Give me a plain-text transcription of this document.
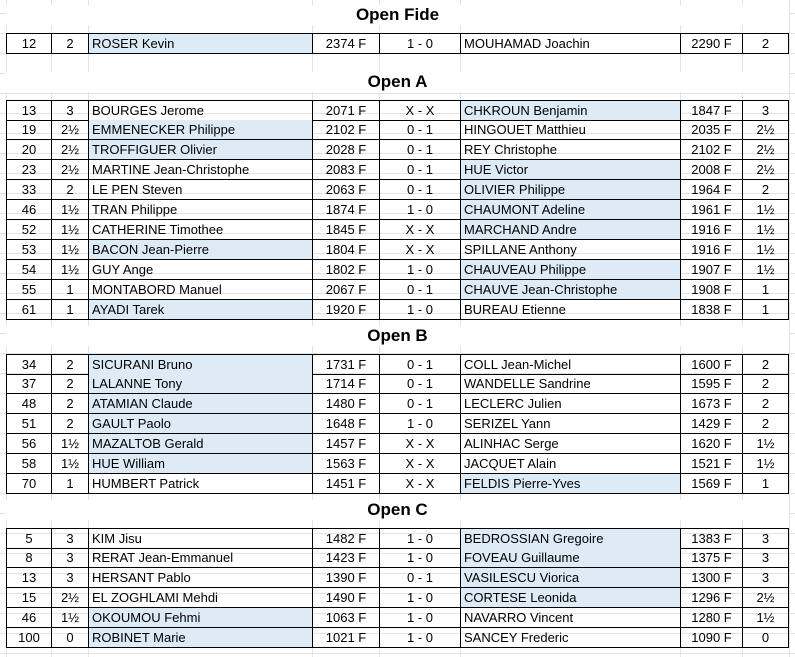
Open Fide
12	2	ROSER Kevin	2374 F	1 - 0	MOUHAMAD Joachin	2290 F	2
Open A
13	3	BOURGES Jerome	2071 F	X - X	CHKROUN Benjamin	1847 F	3
19	2½ EMMENECKER Philippe	2102 F	0 - 1	HINGOUET Matthieu	2035 F	2½
20	2½ TROFFIGUER Olivier	2028 F	0 - 1	REY Christophe	2102 F	2½
23	2½ MARTINE Jean-Christophe	2083 F	0 - 1	HUE Victor	2008 F	2½
33	2	LE PEN Steven	2063 F	0 - 1	OLIVIER Philippe	1964 F	2
46	1½ TRAN Philippe	1874 F	1 - 0	CHAUMONT Adeline	1961 F	1½
52	1½ CATHERINE Timothee	1845 F	X - X	MARCHAND Andre	1916 F	1½
53	1½ BACON Jean-Pierre	1804 F	X - X	SPILLANE Anthony	1916 F	1½
54	1½ GUY Ange	1802 F	1 - 0	CHAUVEAU Philippe	1907 F	1½
55	1	MONTABORD Manuel	2067 F	0 - 1	CHAUVE Jean-Christophe	1908 F	1
61	1	AYADI Tarek	1920 F	1 - 0	BUREAU Etienne	1838 F	1
Open B
34	2	SICURANI Bruno	1731 F	0 - 1	COLL Jean-Michel	1600 F	2
37	2	LALANNE Tony	1714 F	0 - 1	WANDELLE Sandrine	1595 F	2
48	2	ATAMIAN Claude	1480 F	0 - 1	LECLERC Julien	1673 F	2
51	2	GAULT Paolo	1648 F	1 - 0	SERIZEL Yann	1429 F	2
56	1½ MAZALTOB Gerald	1457 F	X - X	ALINHAC Serge	1620 F	1½
58	1½ HUE William	1563 F	X - X	JACQUET Alain	1521 F	1½
70	1	HUMBERT Patrick	1451 F	X - X	FELDIS Pierre-Yves	1569 F	1
Open C
5	3	KIM Jisu	1482 F	1 - 0	BEDROSSIAN Gregoire	1383 F	3
8	3	RERAT Jean-Emmanuel	1423 F	1 - 0	FOVEAU Guillaume	1375 F	3
13	3	HERSANT Pablo	1390 F	0 - 1	VASILESCU Viorica	1300 F	3
15	2½ EL ZOGHLAMI Mehdi	1490 F	1 - 0	CORTESE Leonida	1296 F	2½
46	1½ OKOUMOU Fehmi	1063 F	1 - 0	NAVARRO Vincent	1280 F	1½
100	0	ROBINET Marie	1021 F	1 - 0	SANCEY Frederic	1090 F	0
